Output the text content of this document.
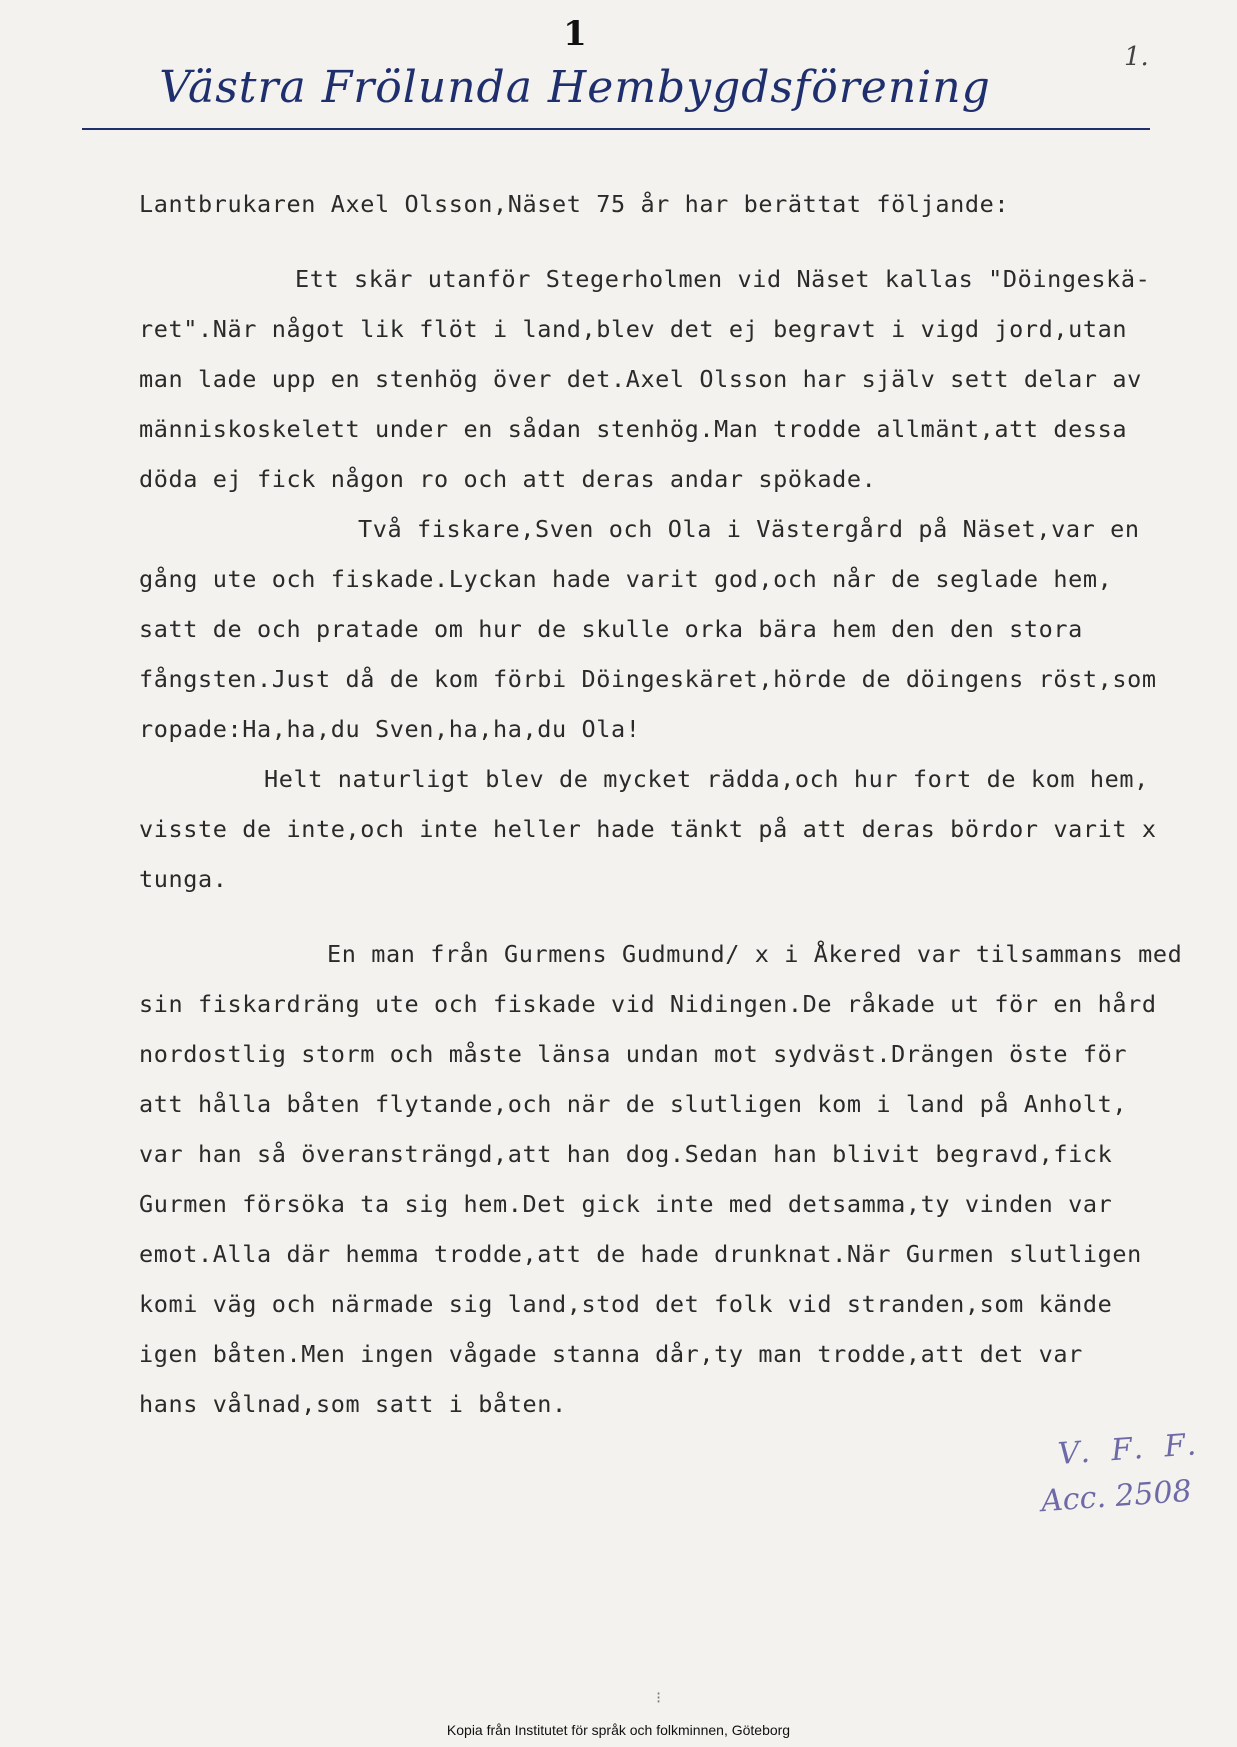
1
1.
Västra Frölunda Hembygdsförening
Lantbrukaren Axel Olsson,Näset 75 år har berättat följande:
Ett skär utanför Stegerholmen vid Näset kallas "Döingeskä-
ret".När något lik flöt i land,blev det ej begravt i vigd jord,utan
man lade upp en stenhög över det.Axel Olsson har själv sett delar av
människoskelett under en sådan stenhög.Man trodde allmänt,att dessa
döda ej fick någon ro och att deras andar spökade.
Två fiskare,Sven och Ola i Västergård på Näset,var en
gång ute och fiskade.Lyckan hade varit god,och når de seglade hem,
satt de och pratade om hur de skulle orka bära hem den den stora
fångsten.Just då de kom förbi Döingeskäret,hörde de döingens röst,som
ropade:Ha,ha,du Sven,ha,ha,du Ola!
Helt naturligt blev de mycket rädda,och hur fort de kom hem,
visste de inte,och inte heller hade tänkt på att deras bördor varit x
tunga.
En man från Gurmens Gudmund/ x i Åkered var tilsammans med
sin fiskardräng ute och fiskade vid Nidingen.De råkade ut för en hård
nordostlig storm och måste länsa undan mot sydväst.Drängen öste för
att hålla båten flytande,och när de slutligen kom i land på Anholt,
var han så överansträngd,att han dog.Sedan han blivit begravd,fick
Gurmen försöka ta sig hem.Det gick inte med detsamma,ty vinden var
emot.Alla där hemma trodde,att de hade drunknat.När Gurmen slutligen
komi väg och närmade sig land,stod det folk vid stranden,som kände
igen båten.Men ingen vågade stanna dår,ty man trodde,att det var
hans vålnad,som satt i båten.
V. F. F.
Acc. 2508
⁝
Kopia från Institutet för språk och folkminnen, Göteborg
